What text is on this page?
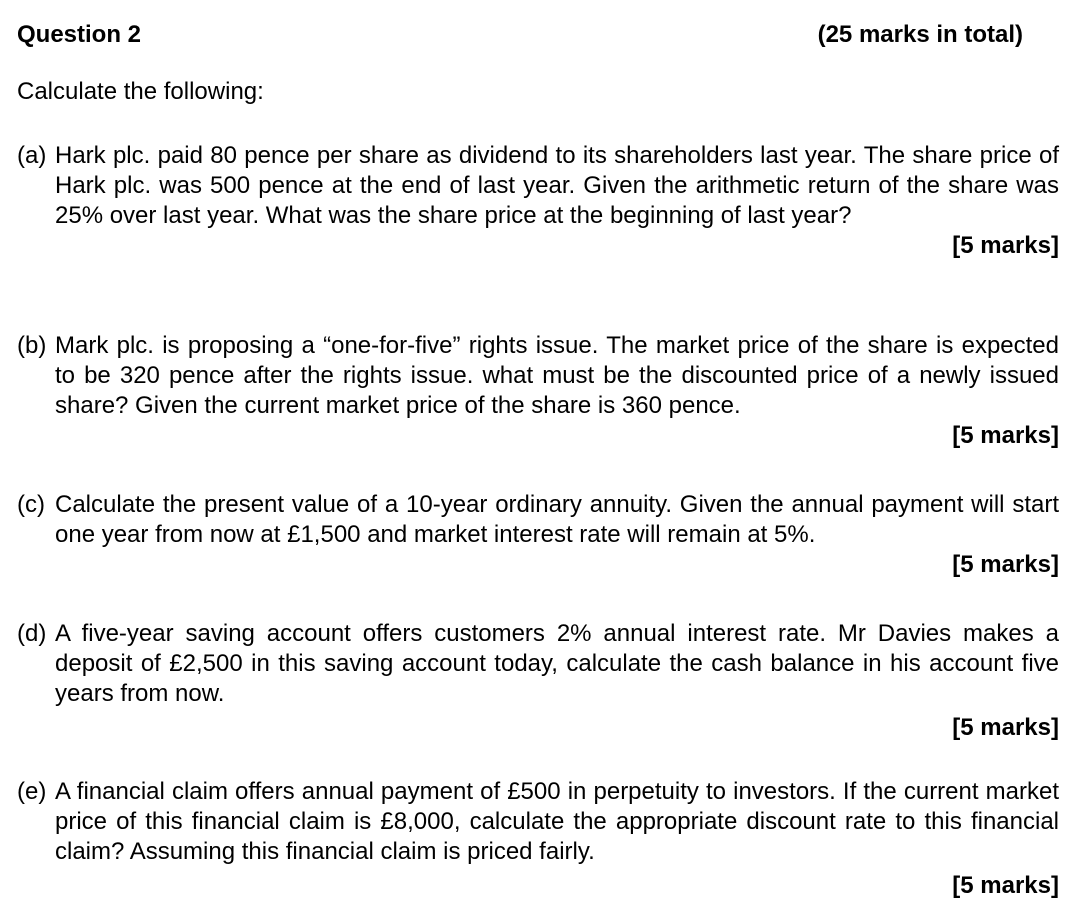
Question 2	(25 marks in total)
Calculate the following:
(a) Hark plc. paid 80 pence per share as dividend to its shareholders last year. The share price of Hark plc. was 500 pence at the end of last year. Given the arithmetic return of the share was 25% over last year. What was the share price at the beginning of last year?
[5 marks]
(b) Mark plc. is proposing a “one-for-five” rights issue. The market price of the share is expected to be 320 pence after the rights issue. what must be the discounted price of a newly issued share? Given the current market price of the share is 360 pence.
[5 marks]
(c) Calculate the present value of a 10-year ordinary annuity. Given the annual payment will start one year from now at £1,500 and market interest rate will remain at 5%.
[5 marks]
(d) A five-year saving account offers customers 2% annual interest rate. Mr Davies makes a deposit of £2,500 in this saving account today, calculate the cash balance in his account five years from now.
[5 marks]
(e) A financial claim offers annual payment of £500 in perpetuity to investors. If the current market price of this financial claim is £8,000, calculate the appropriate discount rate to this financial claim? Assuming this financial claim is priced fairly.
[5 marks]
